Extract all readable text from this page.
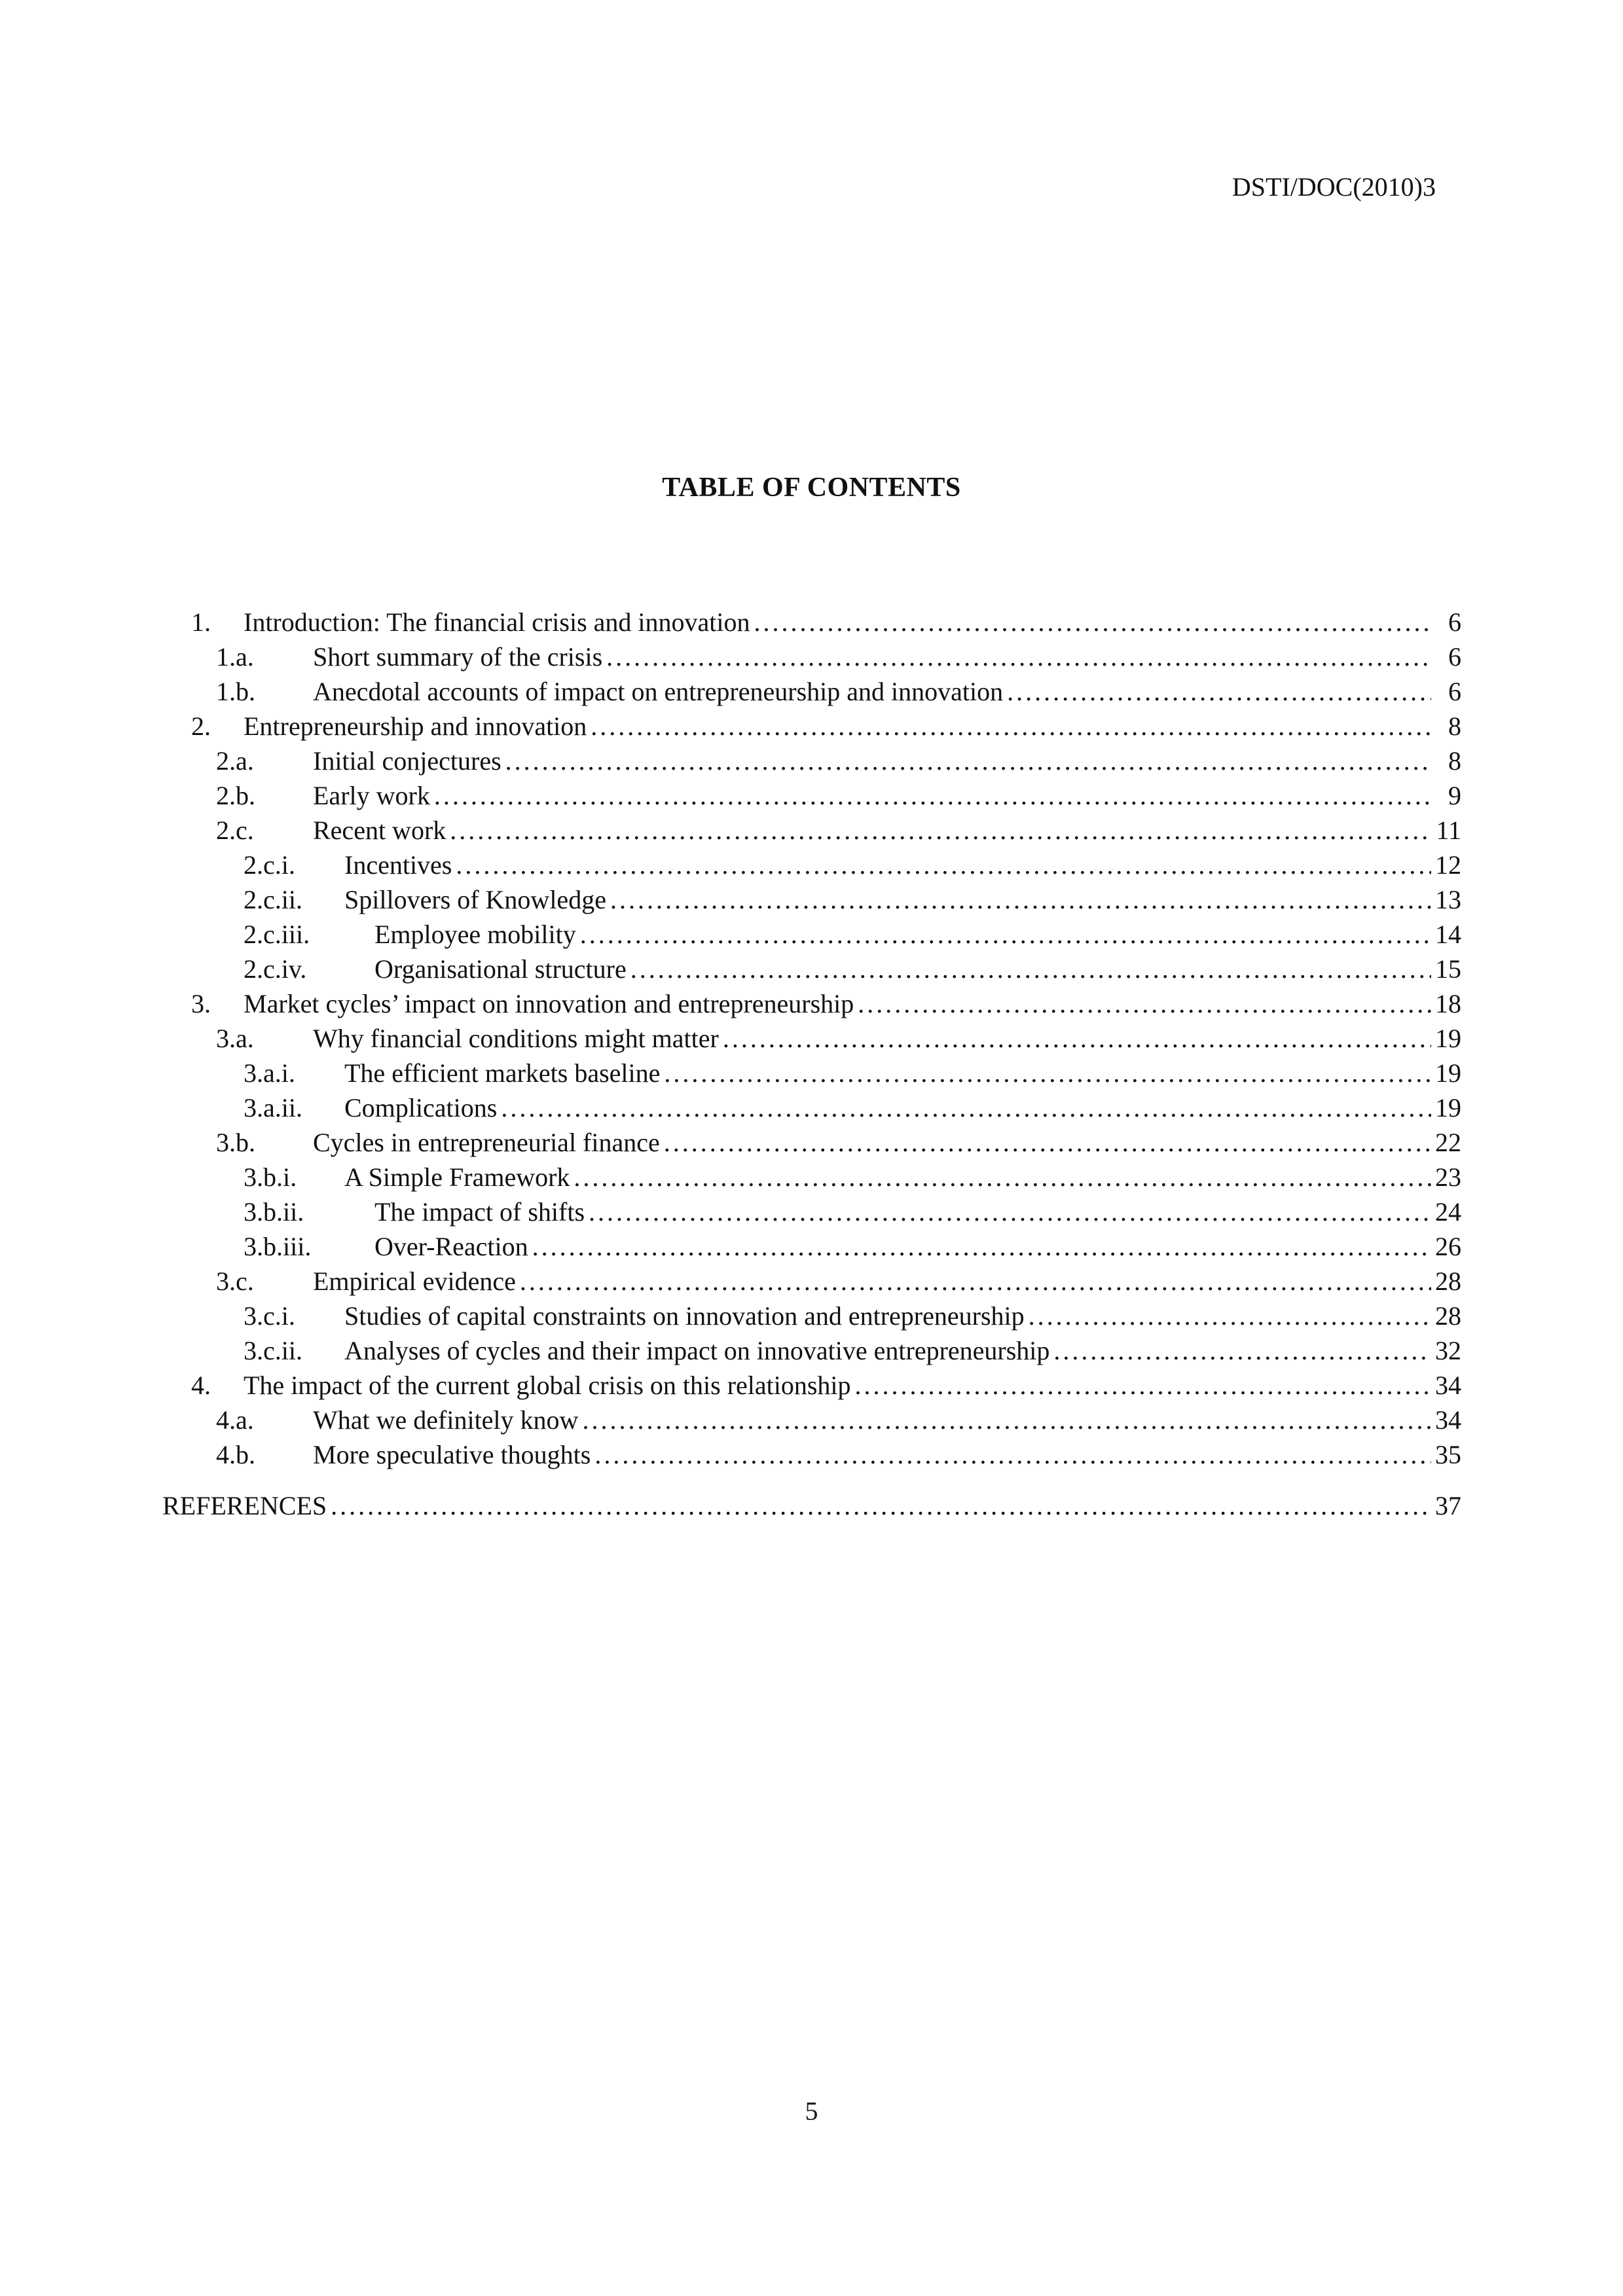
DSTI/DOC(2010)3
TABLE OF CONTENTS
1. Introduction: The financial crisis and innovation . . .	6
1.a. Short summary of the crisis . . .	6
1.b. Anecdotal accounts of impact on entrepreneurship and innovation . . .	6
2. Entrepreneurship and innovation . . .	8
2.a. Initial conjectures . . .	8
2.b. Early work . . .	9
2.c. Recent work . . .	11
2.c.i. Incentives . . .	12
2.c.ii. Spillovers of Knowledge . . .	13
2.c.iii. Employee mobility . . .	14
2.c.iv.	Organisational structure . . .	15
3. Market cycles’ impact on innovation and entrepreneurship . . .	18
3.a. Why financial conditions might matter . . .	19
3.a.i. The efficient markets baseline . . .	19
3.a.ii. Complications . . .	19
3.b. Cycles in entrepreneurial finance . . .	22
3.b.i. A Simple Framework . . .	23
3.b.ii.	The impact of shifts . . .	24
3.b.iii. Over-Reaction . . .	26
3.c. Empirical evidence . . .	28
3.c.i. Studies of capital constraints on innovation and entrepreneurship . . .	28
3.c.ii. Analyses of cycles and their impact on innovative entrepreneurship . . .	32
4. The impact of the current global crisis on this relationship . . .	34
4.a. What we definitely know . . .	34
4.b. More speculative thoughts . . .	35
REFERENCES . . .	37
5
